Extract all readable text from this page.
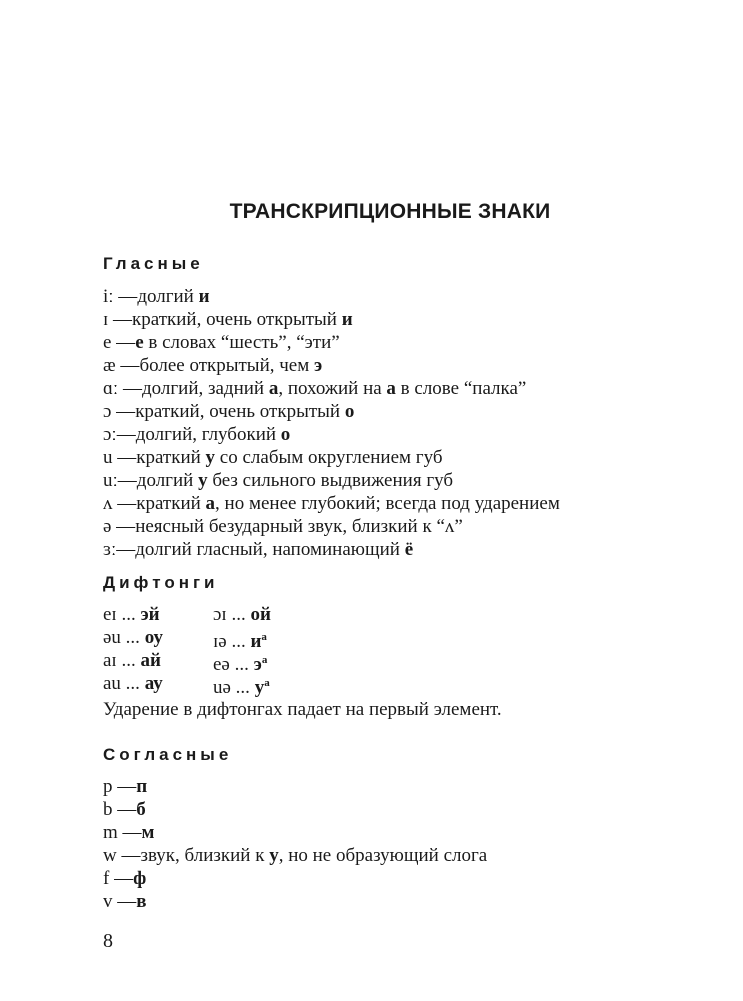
ТРАНСКРИПЦИОННЫЕ ЗНАКИ
Гласные
iː —долгий и
ɪ —краткий, очень открытый и
e —е в словах “шесть”, “эти”
æ —более открытый, чем э
ɑː —долгий, задний а, похожий на а в слове “палка”
ɔ —краткий, очень открытый о
ɔː—долгий, глубокий о
u —краткий у со слабым округлением губ
uː—долгий у без сильного выдвижения губ
ʌ —краткий а, но менее глубокий; всегда под ударением
ə —неясный безударный звук, близкий к “ʌ”
ɜː—долгий гласный, напоминающий ё
Дифтонги
eɪ ... эй	ɔɪ ... ой
əu ... оу	ɪə ... $и^а$
aɪ ... ай	eə ... $э^а$
au ... ау	uə ... $у^а$
Ударение в дифтонгах падает на первый элемент.
Согласные
p —п
b —б
m —м
w —звук, близкий к у, но не образующий слога
f —ф
v —в
8
